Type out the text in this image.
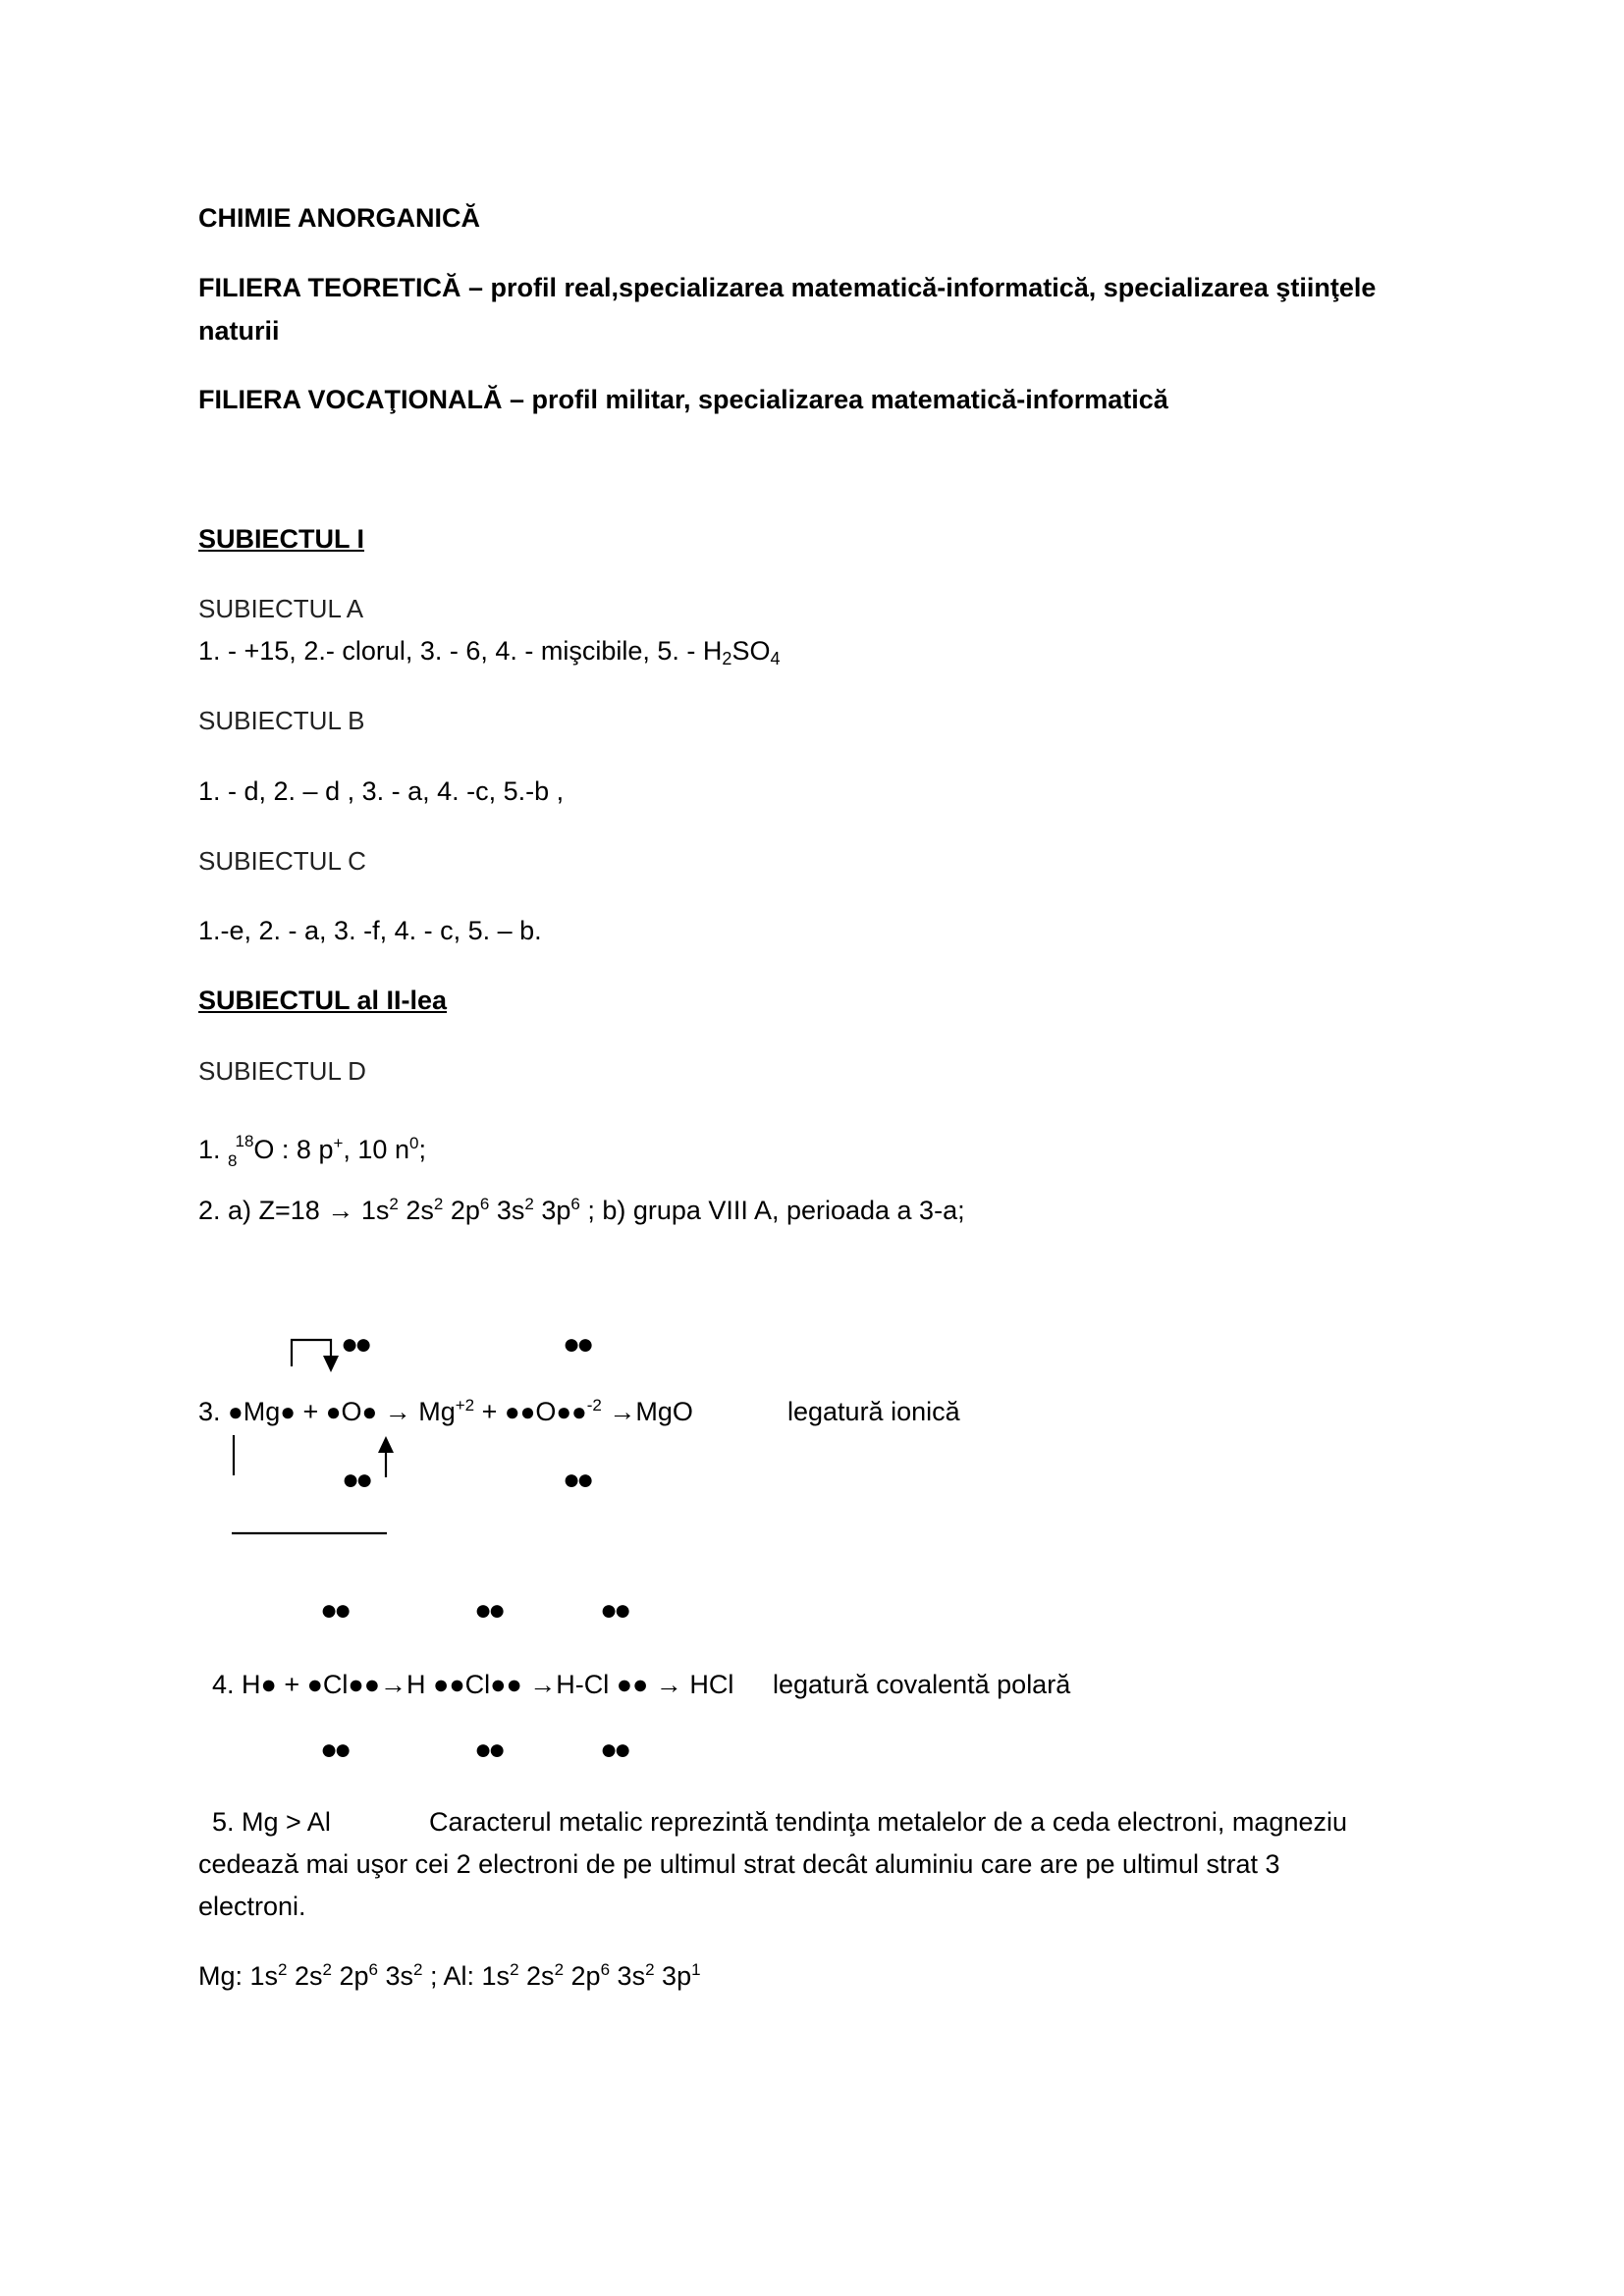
CHIMIE ANORGANICĂ
FILIERA TEORETICĂ – profil real,specializarea matematică-informatică, specializarea ştiinţele
naturii
FILIERA VOCAŢIONALĂ – profil militar, specializarea matematică-informatică
SUBIECTUL I
SUBIECTUL A
1. - +15, 2.- clorul, 3. - 6, 4. - mişcibile, 5. - $H_2SO_4$
SUBIECTUL B
1. - d, 2. – d , 3. - a, 4. -c, 5.-b ,
SUBIECTUL C
1.-e, 2. - a, 3. -f, 4. - c, 5. – b.
SUBIECTUL al II-lea
SUBIECTUL D
1. $_8^{18}$O : 8 p+, 10 $n^0$;
2. a) $Z=18 \to 1s^2$ $2s^2$ $2p^6$ $3s^2$ $3p^6$ ; b) grupa VIII A, perioada a 3-a;
3. ●Mg● + ●O● → $Mg^{+2}$ + ●●O●●$^{-2}$ →MgO	legatură ionică
●●
●●
●●
●●
●●	●●	●●
4. H● + ●Cl●●→H ●●Cl●● →H-Cl ●● → HCl legatură covalentă polară
●●	●●	●●
5. Mg > Al	Caracterul metalic reprezintă tendinţa metalelor de a ceda electroni, magneziu
cedează mai uşor cei 2 electroni de pe ultimul strat decât aluminiu care are pe ultimul strat 3
electroni.
Mg: $1s^2$ $2s^2$ $2p^6$ $3s^2$ ; Al: $1s^2$ $2s^2$ $2p^6$ $3s^2$ $3p^1$
